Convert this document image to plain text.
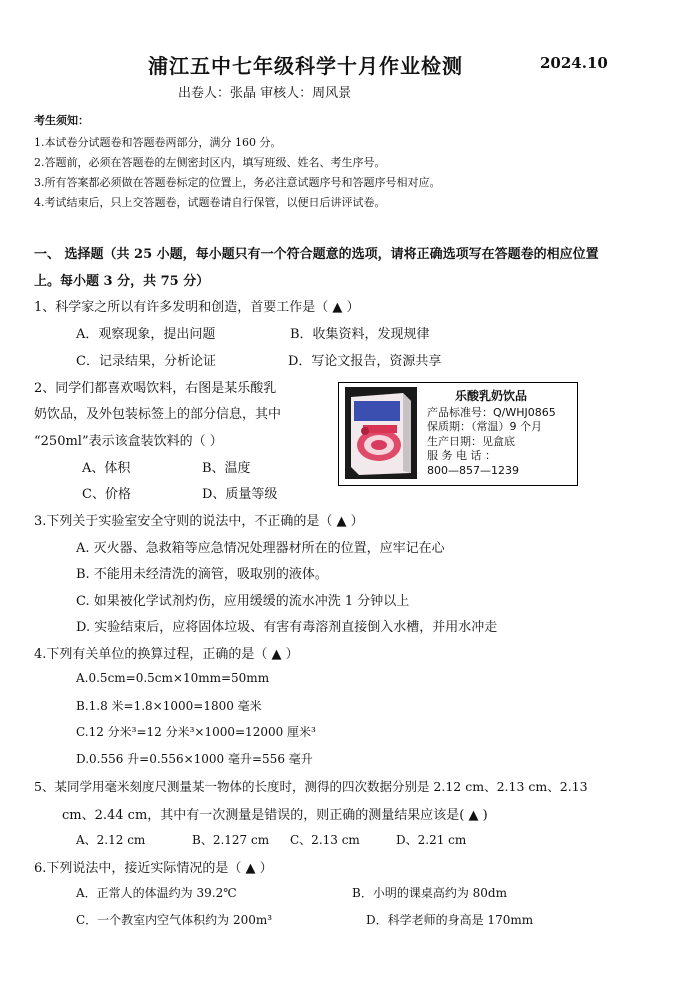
浦江五中七年级科学十月作业检测	2024.10
出卷人：张晶 审核人：周风景
考生须知：
1.本试卷分试题卷和答题卷两部分，满分 160 分。
2.答题前，必须在答题卷的左侧密封区内，填写班级、姓名、考生序号。
3.所有答案都必须做在答题卷标定的位置上，务必注意试题序号和答题序号相对应。
4.考试结束后，只上交答题卷，试题卷请自行保管，以便日后讲评试卷。
一、 选择题（共 25 小题，每小题只有一个符合题意的选项，请将正确选项写在答题卷的相应位置
上。每小题 3 分，共 75 分）
1、科学家之所以有许多发明和创造，首要工作是（ ▲ ）
A．观察现象，提出问题	B．收集资料，发现规律
C．记录结果，分析论证	D．写论文报告，资源共享
2、同学们都喜欢喝饮料，右图是某乐酸乳
奶饮品，及外包装标签上的部分信息，其中
“250ml”表示该盒装饮料的（ ）
A、体积	B、温度
C、价格	D、质量等级
乐酸乳奶饮品
产品标准号：Q/WHJ0865
保质期：（常温）9 个月
生产日期：见盒底
服 务 电 话 ：
800—857—1239
3.下列关于实验室安全守则的说法中，不正确的是（ ▲ ）
A. 灭火器、急救箱等应急情况处理器材所在的位置，应牢记在心
B. 不能用未经清洗的滴管，吸取别的液体。
C. 如果被化学试剂灼伤，应用缓缓的流水冲洗 1 分钟以上
D. 实验结束后，应将固体垃圾、有害有毒溶剂直接倒入水槽，并用水冲走
4.下列有关单位的换算过程，正确的是（ ▲ ）
A.0.5cm=0.5cm×10mm=50mm
B.1.8 米=1.8×1000=1800 毫米
C.12 分米³=12 分米³×1000=12000 厘米³
D.0.556 升=0.556×1000 毫升=556 毫升
5、某同学用毫米刻度尺测量某一物体的长度时，测得的四次数据分别是 2.12 cm、2.13 cm、2.13
cm、2.44 cm，其中有一次测量是错误的，则正确的测量结果应该是( ▲ )
A、2.12 cm	B、2.127 cm C、2.13 cm	D、2.21 cm
6.下列说法中，接近实际情况的是（ ▲ ）
A．正常人的体温约为 39.2℃	B．小明的课桌高约为 80dm
C．一个教室内空气体积约为 200m³	D．科学老师的身高是 170mm
